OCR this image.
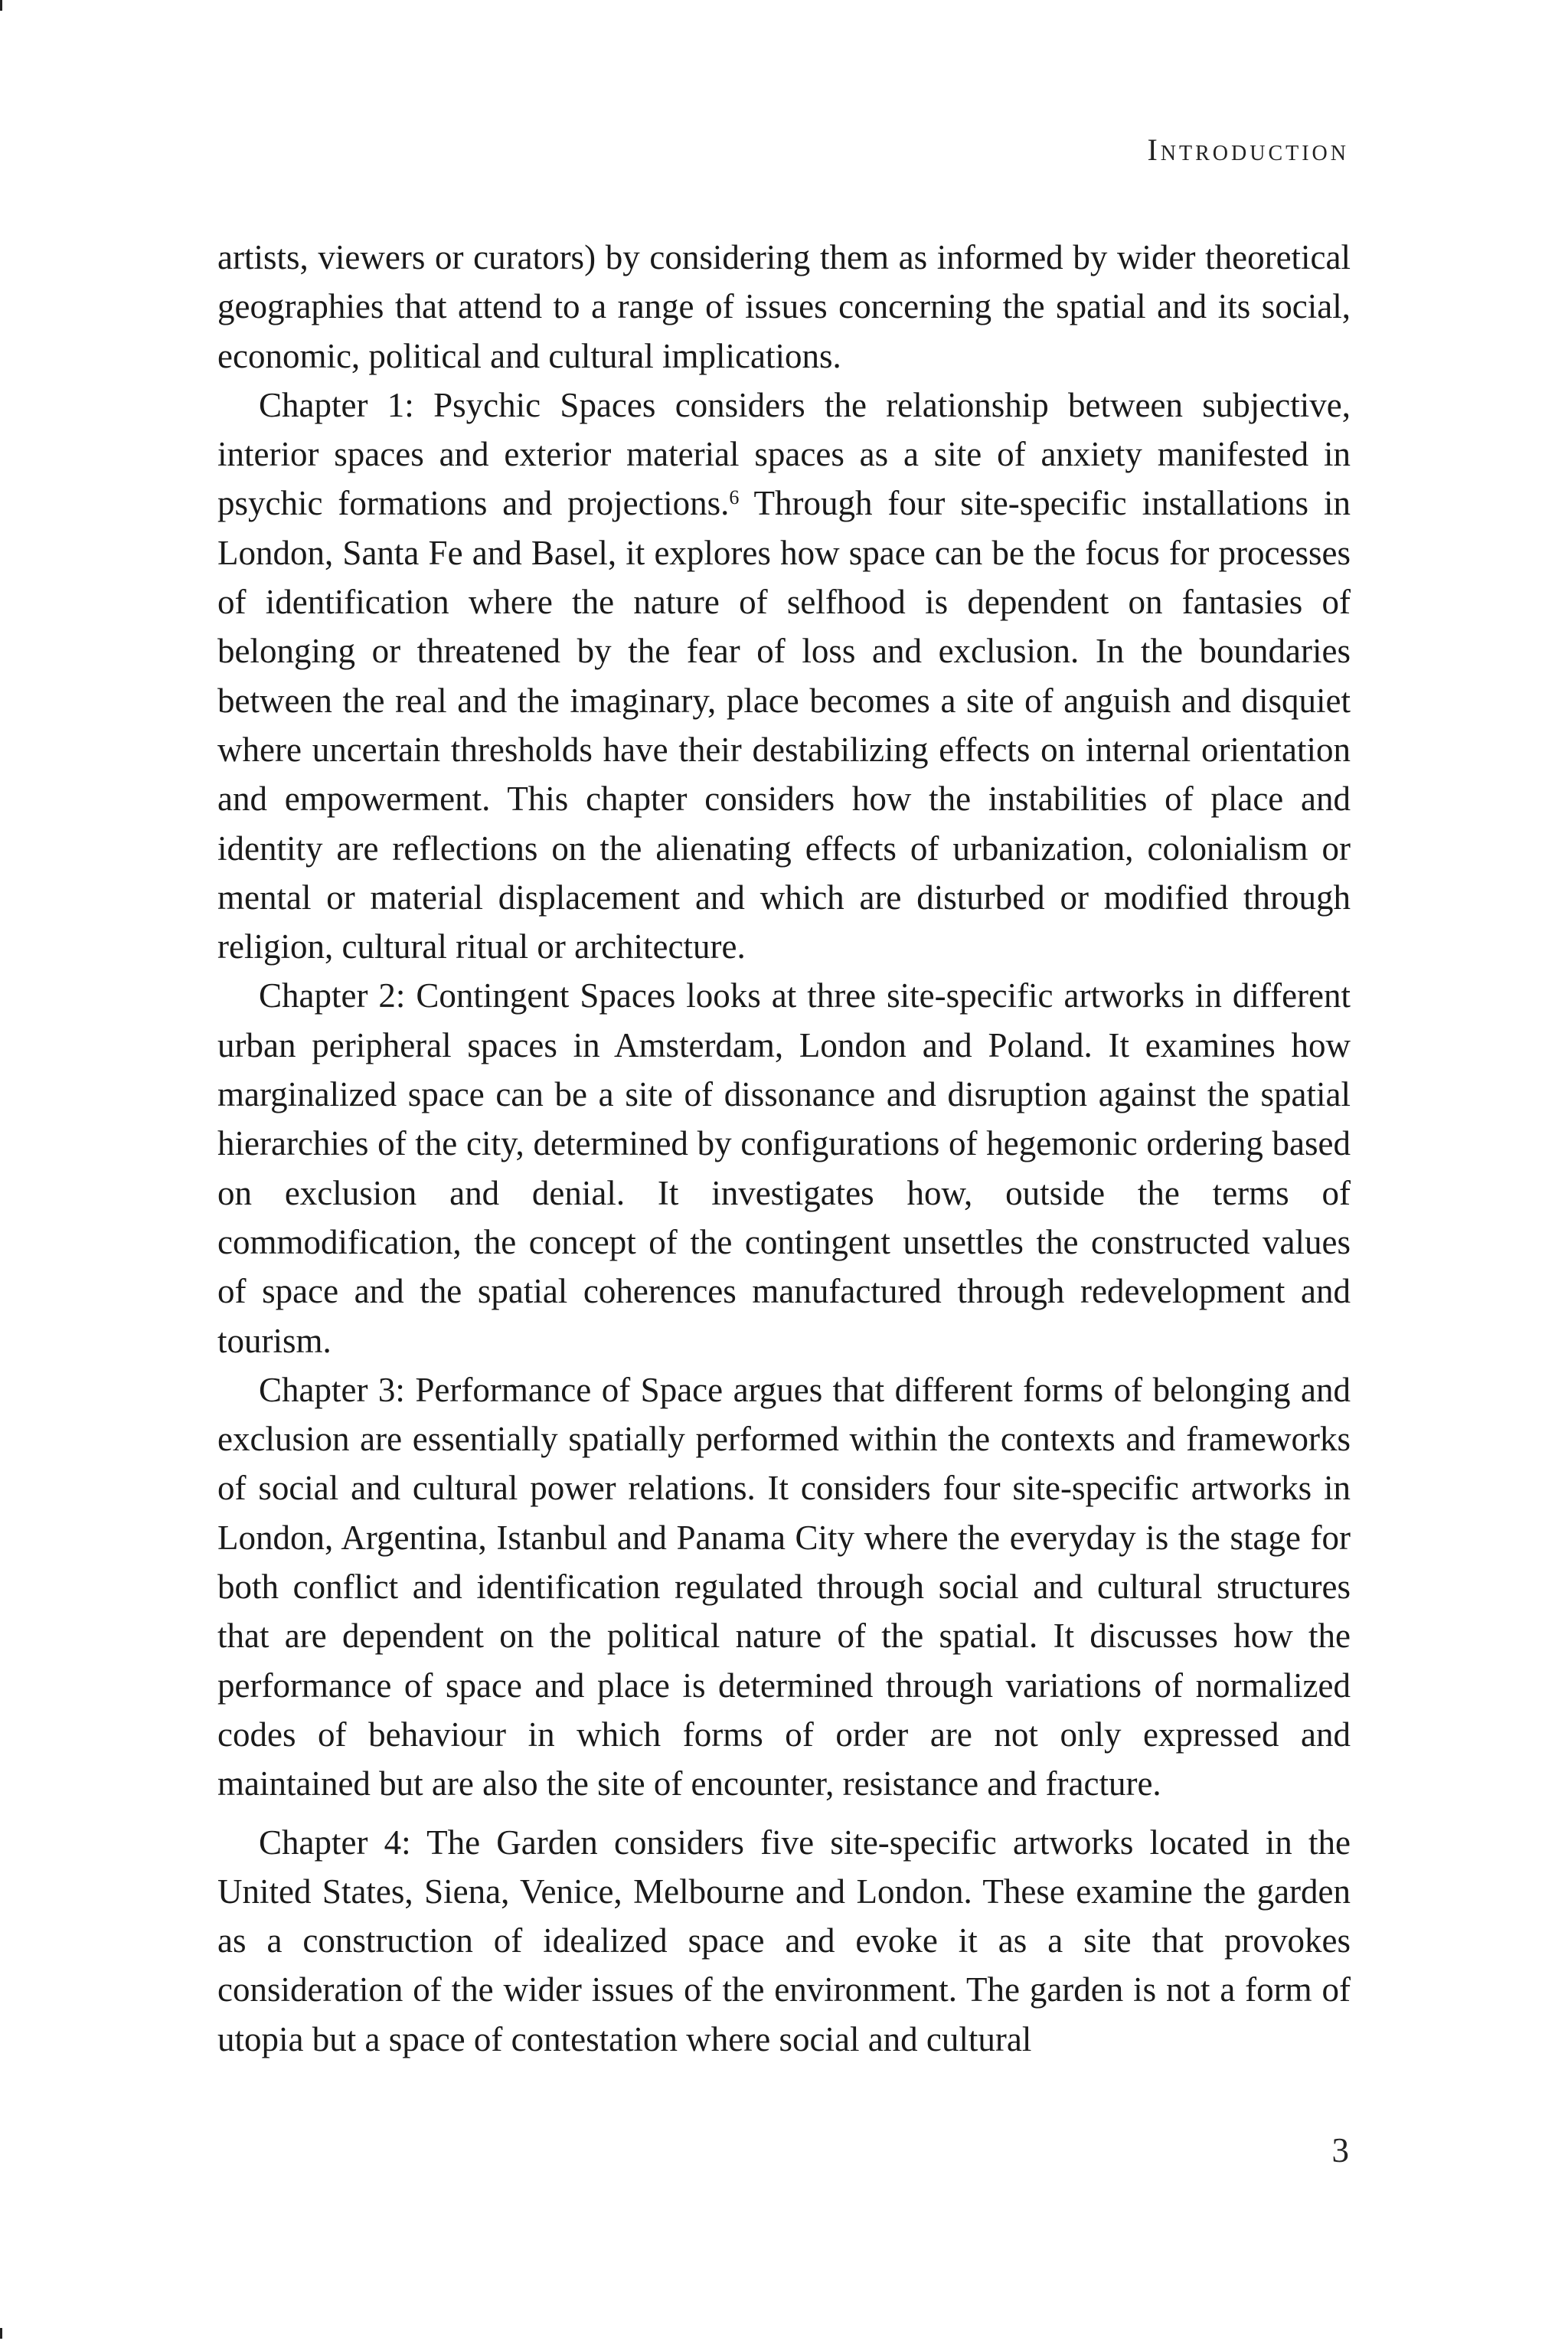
Introduction

artists, viewers or curators) by considering them as informed by wider theoretical geographies that attend to a range of issues concerning the spatial and its social, economic, political and cultural implications.

Chapter 1: Psychic Spaces considers the relationship between subjective, interior spaces and exterior material spaces as a site of anxiety manifested in psychic formations and projections.$^6$ Through four site-specific installations in London, Santa Fe and Basel, it explores how space can be the focus for processes of identification where the nature of selfhood is dependent on fantasies of belonging or threatened by the fear of loss and exclusion. In the boundaries between the real and the imaginary, place becomes a site of anguish and disquiet where uncertain thresholds have their destabilizing effects on internal orientation and empowerment. This chapter considers how the instabilities of place and identity are reflections on the alienating effects of urbanization, colonialism or mental or material displacement and which are disturbed or modified through religion, cultural ritual or architecture.

Chapter 2: Contingent Spaces looks at three site-specific artworks in different urban peripheral spaces in Amsterdam, London and Poland. It examines how marginalized space can be a site of dissonance and disruption against the spatial hierarchies of the city, determined by configurations of hegemonic ordering based on exclusion and denial. It investigates how, outside the terms of commodification, the concept of the contingent unsettles the constructed values of space and the spatial coherences manufactured through redevelopment and tourism.

Chapter 3: Performance of Space argues that different forms of belonging and exclusion are essentially spatially performed within the contexts and frameworks of social and cultural power relations. It considers four site-specific artworks in London, Argentina, Istanbul and Panama City where the everyday is the stage for both conflict and identification regulated through social and cultural structures that are dependent on the political nature of the spatial. It discusses how the performance of space and place is determined through variations of normalized codes of behaviour in which forms of order are not only expressed and maintained but are also the site of encounter, resistance and fracture.

Chapter 4: The Garden considers five site-specific artworks located in the United States, Siena, Venice, Melbourne and London. These examine the garden as a construction of idealized space and evoke it as a site that provokes consideration of the wider issues of the environment. The garden is not a form of utopia but a space of contestation where social and cultural

3
